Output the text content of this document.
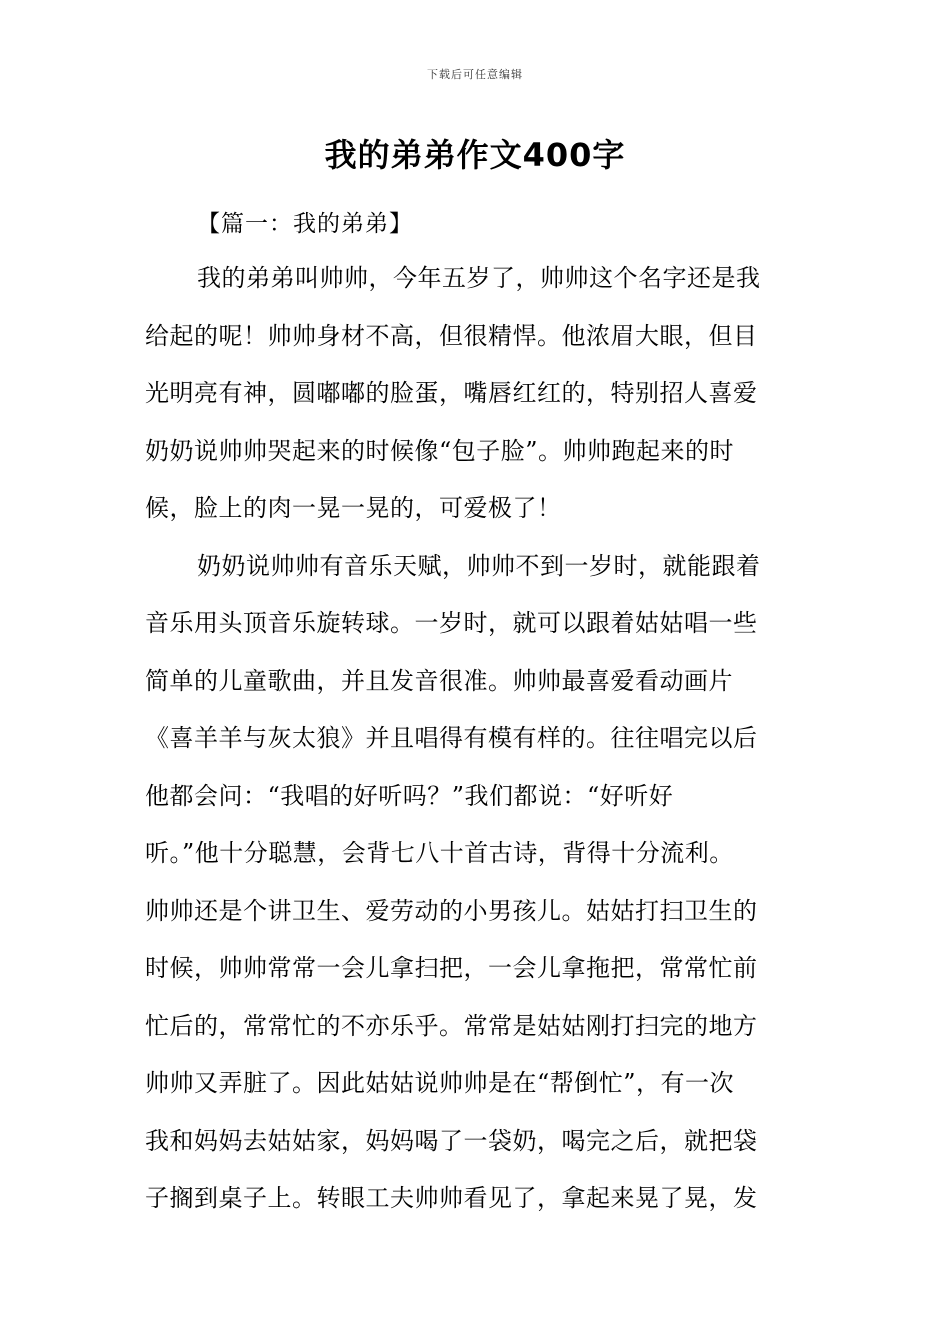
下载后可任意编辑
我的弟弟作文400字
【篇一：我的弟弟】
我的弟弟叫帅帅，今年五岁了，帅帅这个名字还是我
给起的呢！帅帅身材不高，但很精悍。他浓眉大眼，但目
光明亮有神，圆嘟嘟的脸蛋，嘴唇红红的，特别招人喜爱
奶奶说帅帅哭起来的时候像“包子脸”。帅帅跑起来的时
候，脸上的肉一晃一晃的，可爱极了！
奶奶说帅帅有音乐天赋，帅帅不到一岁时，就能跟着
音乐用头顶音乐旋转球。一岁时，就可以跟着姑姑唱一些
简单的儿童歌曲，并且发音很准。帅帅最喜爱看动画片
《喜羊羊与灰太狼》并且唱得有模有样的。往往唱完以后
他都会问：“我唱的好听吗？”我们都说：“好听好
听。”他十分聪慧，会背七八十首古诗，背得十分流利。
帅帅还是个讲卫生、爱劳动的小男孩儿。姑姑打扫卫生的
时候，帅帅常常一会儿拿扫把，一会儿拿拖把，常常忙前
忙后的，常常忙的不亦乐乎。常常是姑姑刚打扫完的地方
帅帅又弄脏了。因此姑姑说帅帅是在“帮倒忙”，有一次
我和妈妈去姑姑家，妈妈喝了一袋奶，喝完之后，就把袋
子搁到桌子上。转眼工夫帅帅看见了，拿起来晃了晃，发
